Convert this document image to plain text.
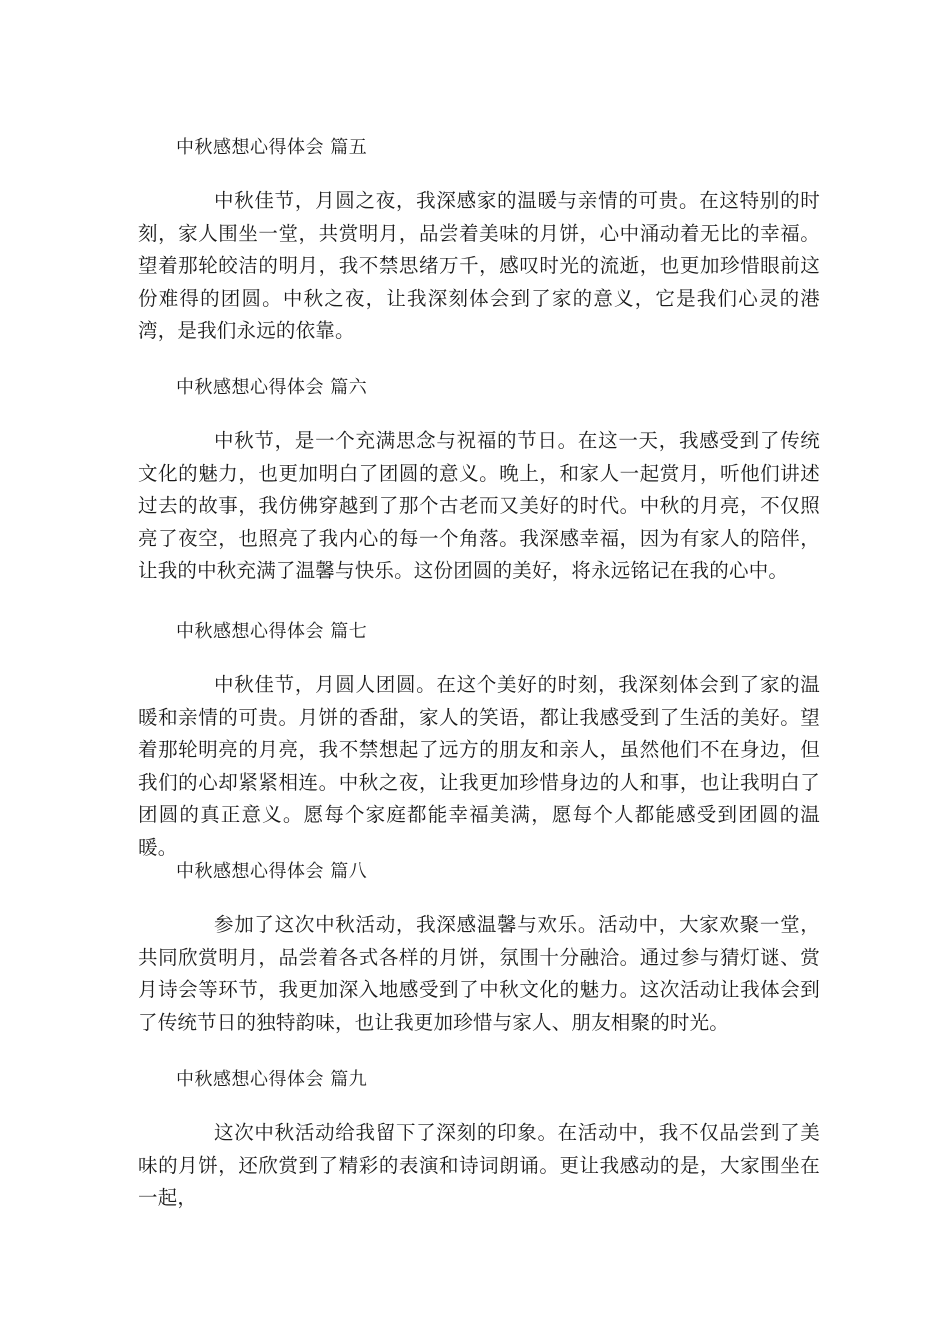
中秋感想心得体会 篇五

中秋佳节，月圆之夜，我深感家的温暖与亲情的可贵。在这特别的时刻，家人围坐一堂，共赏明月，品尝着美味的月饼，心中涌动着无比的幸福。望着那轮皎洁的明月，我不禁思绪万千，感叹时光的流逝，也更加珍惜眼前这份难得的团圆。中秋之夜，让我深刻体会到了家的意义，它是我们心灵的港湾，是我们永远的依靠。

中秋感想心得体会 篇六

中秋节，是一个充满思念与祝福的节日。在这一天，我感受到了传统文化的魅力，也更加明白了团圆的意义。晚上，和家人一起赏月，听他们讲述过去的故事，我仿佛穿越到了那个古老而又美好的时代。中秋的月亮，不仅照亮了夜空，也照亮了我内心的每一个角落。我深感幸福，因为有家人的陪伴，让我的中秋充满了温馨与快乐。这份团圆的美好，将永远铭记在我的心中。

中秋感想心得体会 篇七

中秋佳节，月圆人团圆。在这个美好的时刻，我深刻体会到了家的温暖和亲情的可贵。月饼的香甜，家人的笑语，都让我感受到了生活的美好。望着那轮明亮的月亮，我不禁想起了远方的朋友和亲人，虽然他们不在身边，但我们的心却紧紧相连。中秋之夜，让我更加珍惜身边的人和事，也让我明白了团圆的真正意义。愿每个家庭都能幸福美满，愿每个人都能感受到团圆的温暖。

中秋感想心得体会 篇八

参加了这次中秋活动，我深感温馨与欢乐。活动中，大家欢聚一堂，共同欣赏明月，品尝着各式各样的月饼，氛围十分融洽。通过参与猜灯谜、赏月诗会等环节，我更加深入地感受到了中秋文化的魅力。这次活动让我体会到了传统节日的独特韵味，也让我更加珍惜与家人、朋友相聚的时光。

中秋感想心得体会 篇九

这次中秋活动给我留下了深刻的印象。在活动中，我不仅品尝到了美味的月饼，还欣赏到了精彩的表演和诗词朗诵。更让我感动的是，大家围坐在一起，
